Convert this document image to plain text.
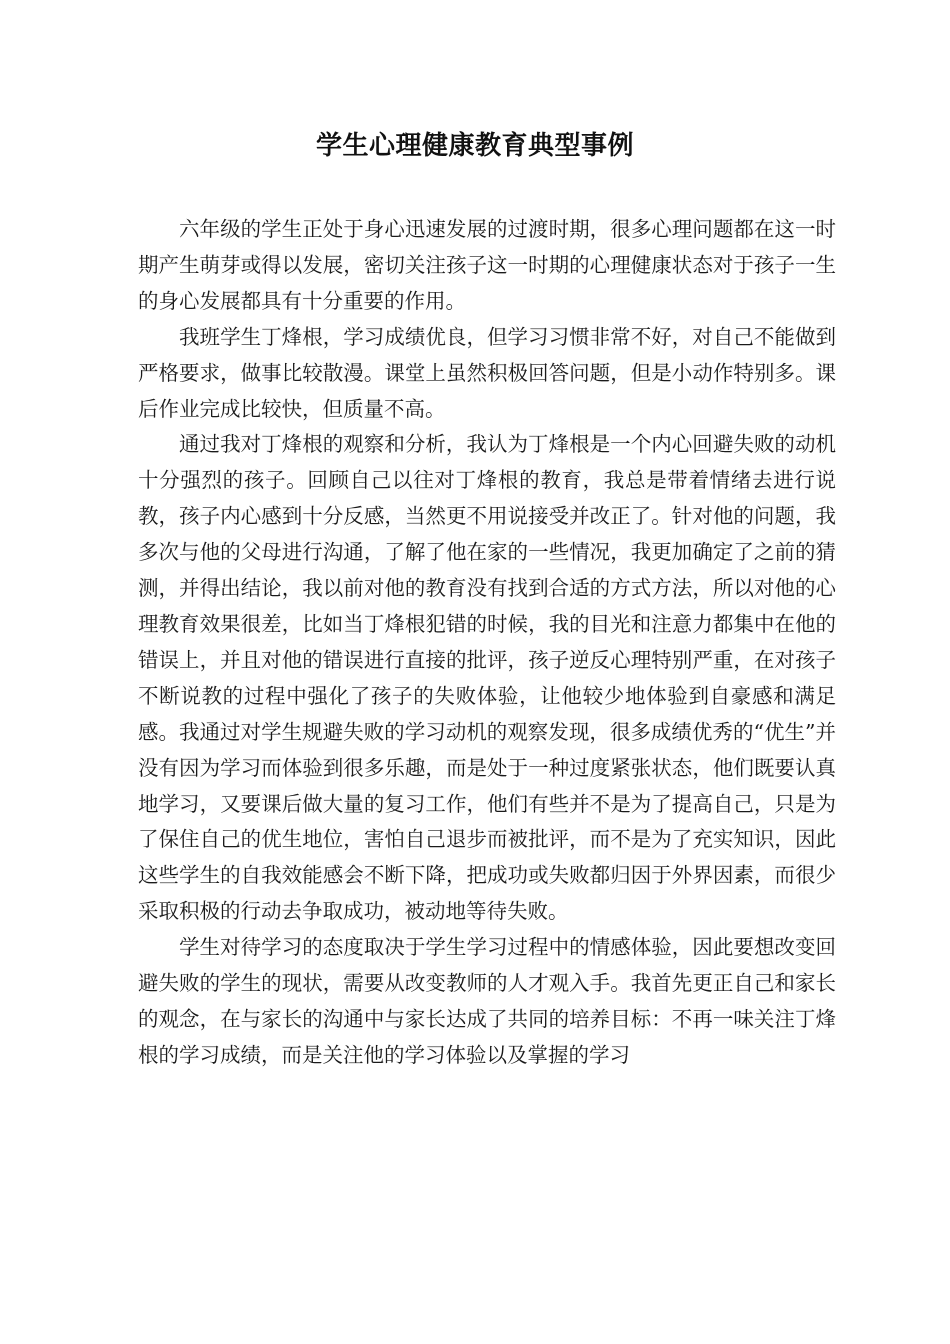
学生心理健康教育典型事例

六年级的学生正处于身心迅速发展的过渡时期，很多心理问题都在这一时期产生萌芽或得以发展，密切关注孩子这一时期的心理健康状态对于孩子一生的身心发展都具有十分重要的作用。

我班学生丁烽根，学习成绩优良，但学习习惯非常不好，对自己不能做到严格要求，做事比较散漫。课堂上虽然积极回答问题，但是小动作特别多。课后作业完成比较快，但质量不高。

通过我对丁烽根的观察和分析，我认为丁烽根是一个内心回避失败的动机十分强烈的孩子。回顾自己以往对丁烽根的教育，我总是带着情绪去进行说教，孩子内心感到十分反感，当然更不用说接受并改正了。针对他的问题，我多次与他的父母进行沟通，了解了他在家的一些情况，我更加确定了之前的猜测，并得出结论，我以前对他的教育没有找到合适的方式方法，所以对他的心理教育效果很差，比如当丁烽根犯错的时候，我的目光和注意力都集中在他的错误上，并且对他的错误进行直接的批评，孩子逆反心理特别严重，在对孩子不断说教的过程中强化了孩子的失败体验，让他较少地体验到自豪感和满足感。我通过对学生规避失败的学习动机的观察发现，很多成绩优秀的“优生”并没有因为学习而体验到很多乐趣，而是处于一种过度紧张状态，他们既要认真地学习，又要课后做大量的复习工作，他们有些并不是为了提高自己，只是为了保住自己的优生地位，害怕自己退步而被批评，而不是为了充实知识，因此这些学生的自我效能感会不断下降，把成功或失败都归因于外界因素，而很少采取积极的行动去争取成功，被动地等待失败。

学生对待学习的态度取决于学生学习过程中的情感体验，因此要想改变回避失败的学生的现状，需要从改变教师的人才观入手。我首先更正自己和家长的观念，在与家长的沟通中与家长达成了共同的培养目标：不再一味关注丁烽根的学习成绩，而是关注他的学习体验以及掌握的学习
